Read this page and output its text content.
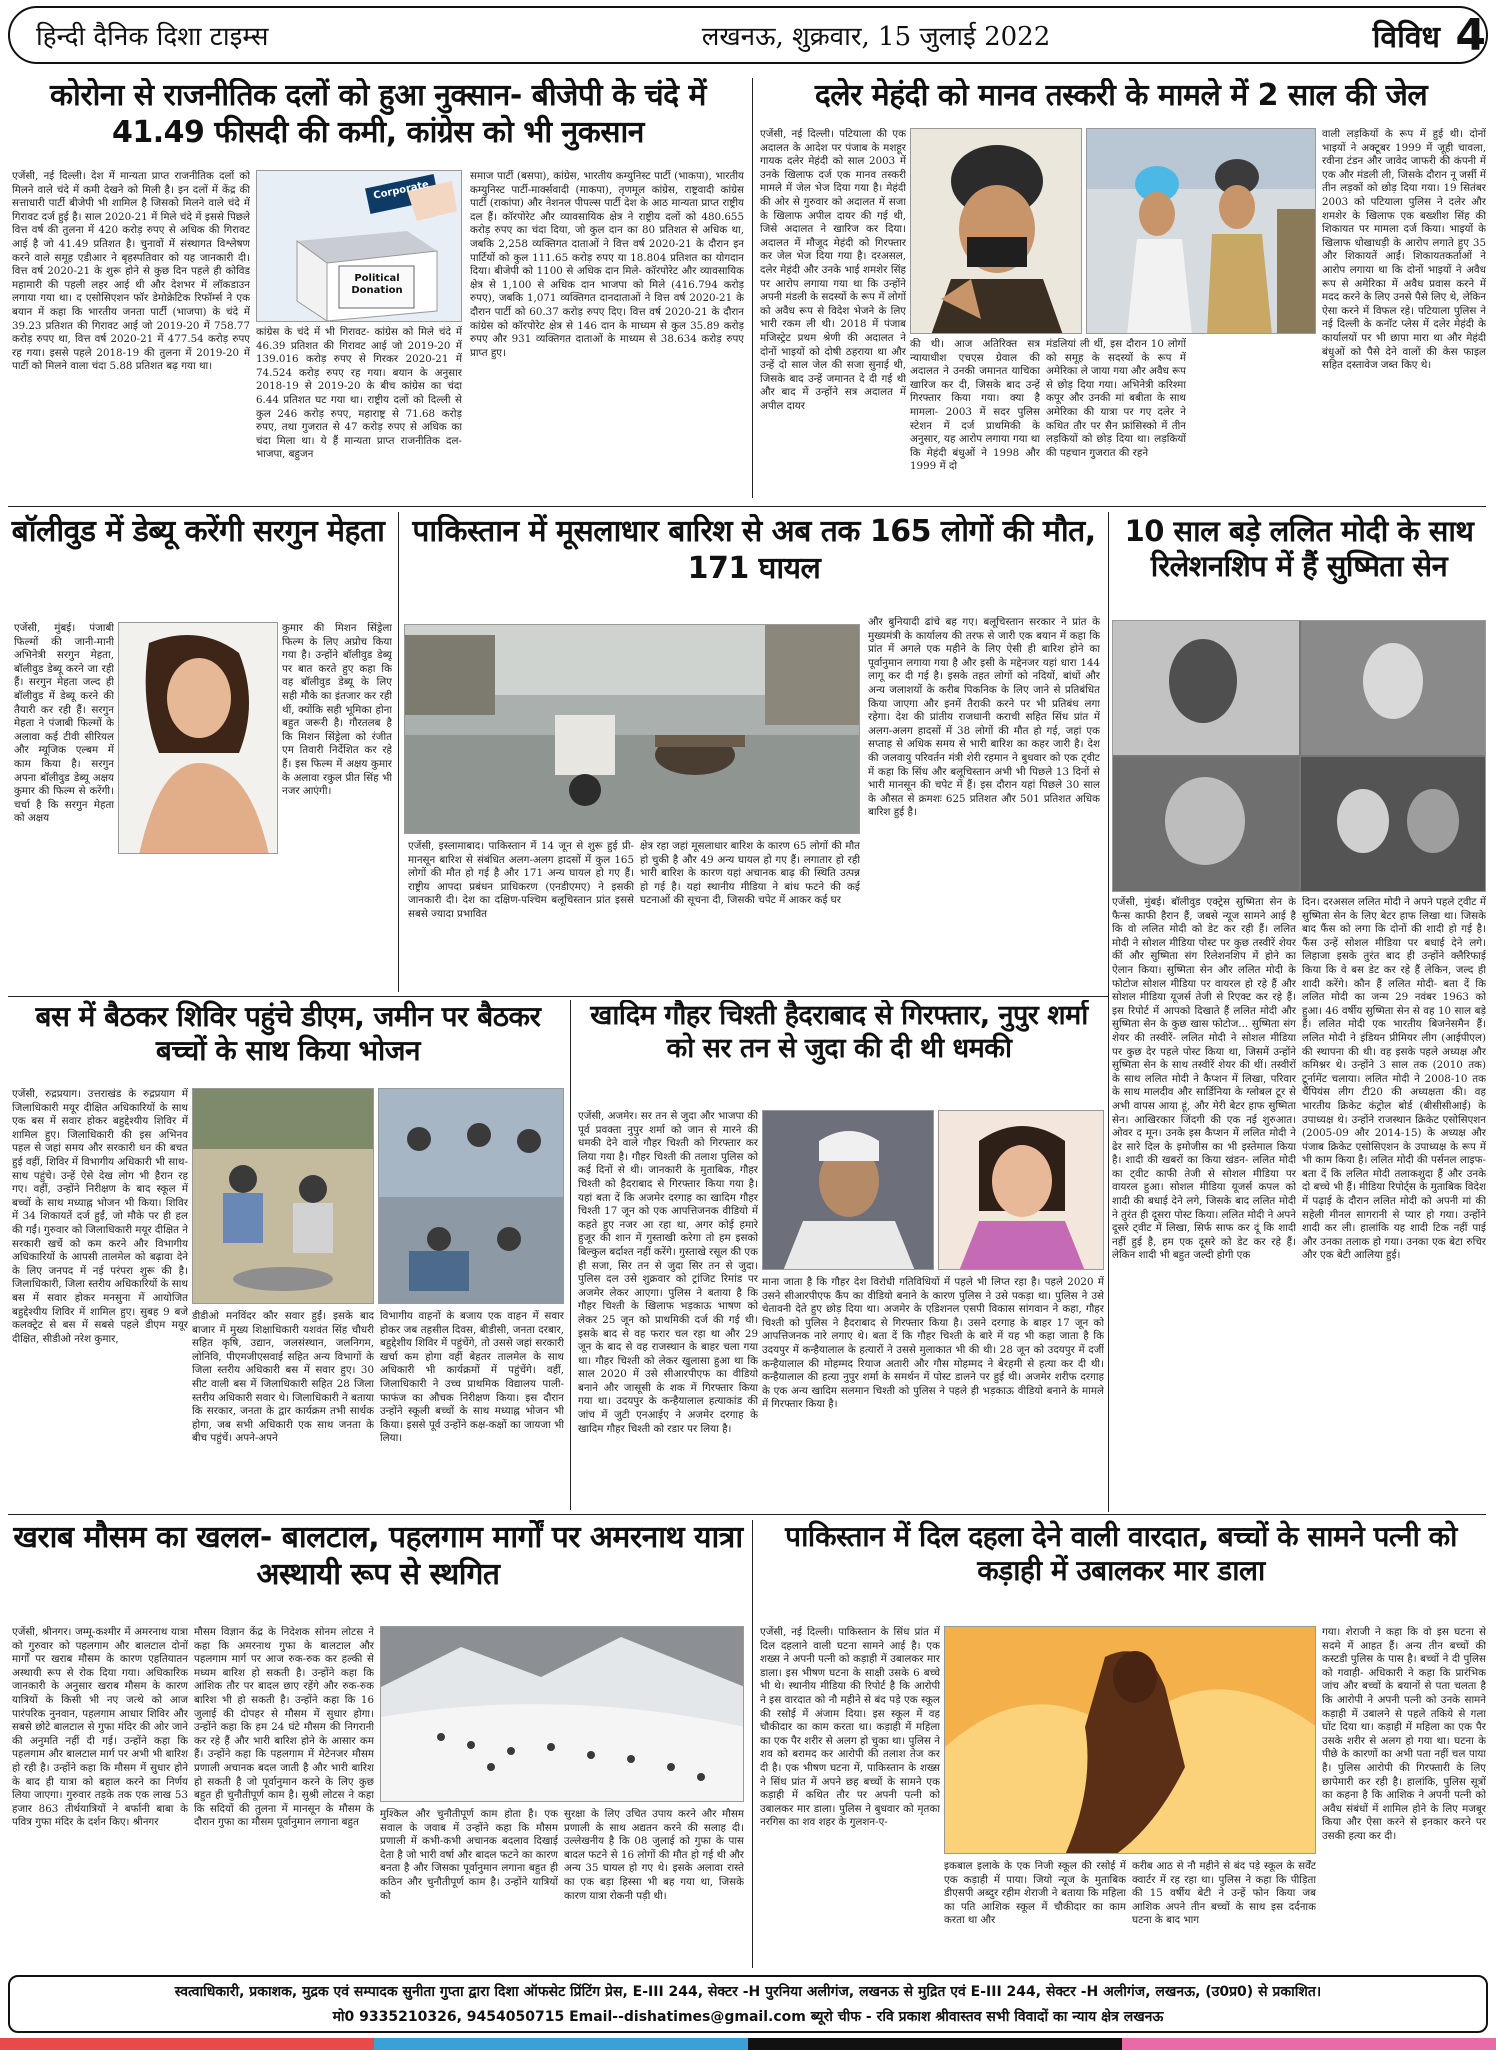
हिन्दी दैनिक दिशा टाइम्स	लखनऊ, शुक्रवार, 15 जुलाई 2022	विविध 4
कोरोना से राजनीतिक दलों को हुआ नुक्सान- बीजेपी के चंदे में 41.49 फीसदी की कमी, कांग्रेस को भी नुकसान
एजेंसी, नई दिल्ली। देश में मान्यता प्राप्त राजनीतिक दलों को मिलने वाले चंदे में कमी देखने को मिली है। इन दलों में केंद्र की सत्ताधारी पार्टी बीजेपी भी शामिल है जिसको मिलने वाले चंदे में गिरावट दर्ज हुई है। साल 2020-21 में मिले चंदे में इससे पिछले वित्त वर्ष की तुलना में 420 करोड़ रुपए से अधिक की गिरावट आई है जो 41.49 प्रतिशत है। चुनावों में संस्थागत विश्लेषण करने वाले समूह एडीआर ने बृहस्पतिवार को यह जानकारी दी। वित्त वर्ष 2020-21 के शुरू होने से कुछ दिन पहले ही कोविड महामारी की पहली लहर आई थी और देशभर में लॉकडाउन लगाया गया था। द एसोसिएशन फॉर डेमोक्रेटिक रिफॉर्म्स ने एक बयान में कहा कि भारतीय जनता पार्टी (भाजपा) के चंदे में 39.23 प्रतिशत की गिरावट आई जो 2019-20 में 758.77 करोड़ रुपए था, वित्त वर्ष 2020-21 में 477.54 करोड़ रुपए रह गया। इससे पहले 2018-19 की तुलना में 2019-20 में पार्टी को मिलने वाला चंदा 5.88 प्रतिशत बढ़ गया था।
Corporate
Political Donation
कांग्रेस के चंदे में भी गिरावट- कांग्रेस को मिले चंदे में 46.39 प्रतिशत की गिरावट आई जो 2019-20 में 139.016 करोड़ रुपए से गिरकर 2020-21 में 74.524 करोड़ रुपए रह गया। बयान के अनुसार 2018-19 से 2019-20 के बीच कांग्रेस का चंदा 6.44 प्रतिशत घट गया था। राष्ट्रीय दलों को दिल्ली से कुल 246 करोड़ रुपए, महाराष्ट्र से 71.68 करोड़ रुपए, तथा गुजरात से 47 करोड़ रुपए से अधिक का चंदा मिला था। ये हैं मान्यता प्राप्त राजनीतिक दल- भाजपा, बहुजन
समाज पार्टी (बसपा), कांग्रेस, भारतीय कम्युनिस्ट पार्टी (भाकपा), भारतीय कम्युनिस्ट पार्टी-मार्क्सवादी (माकपा), तृणमूल कांग्रेस, राष्ट्रवादी कांग्रेस पार्टी (राकांपा) और नेशनल पीपल्स पार्टी देश के आठ मान्यता प्राप्त राष्ट्रीय दल हैं। कॉरपोरेट और व्यावसायिक क्षेत्र ने राष्ट्रीय दलों को 480.655 करोड़ रुपए का चंदा दिया, जो कुल दान का 80 प्रतिशत से अधिक था, जबकि 2,258 व्यक्तिगत दाताओं ने वित्त वर्ष 2020-21 के दौरान इन पार्टियों को कुल 111.65 करोड़ रुपए या 18.804 प्रतिशत का योगदान दिया। बीजेपी को 1100 से अधिक दान मिले- कॉरपोरेट और व्यावसायिक क्षेत्र से 1,100 से अधिक दान भाजपा को मिले (416.794 करोड़ रुपए), जबकि 1,071 व्यक्तिगत दानदाताओं ने वित्त वर्ष 2020-21 के दौरान पार्टी को 60.37 करोड़ रुपए दिए। वित्त वर्ष 2020-21 के दौरान कांग्रेस को कॉरपोरेट क्षेत्र से 146 दान के माध्यम से कुल 35.89 करोड़ रुपए और 931 व्यक्तिगत दाताओं के माध्यम से 38.634 करोड़ रुपए प्राप्त हुए।
दलेर मेहंदी को मानव तस्करी के मामले में 2 साल की जेल
एजेंसी, नई दिल्ली। पटियाला की एक अदालत के आदेश पर पंजाब के मशहूर गायक दलेर मेहंदी को साल 2003 में उनके खिलाफ दर्ज एक मानव तस्करी मामले में जेल भेज दिया गया है। मेहंदी की ओर से गुरुवार को अदालत में सजा के खिलाफ अपील दायर की गई थी, जिसे अदालत ने खारिज कर दिया। अदालत में मौजूद मेहंदी को गिरफ्तार कर जेल भेज दिया गया है। दरअसल, दलेर मेहंदी और उनके भाई शमशेर सिंह पर आरोप लगाया गया था कि उन्होंने अपनी मंडली के सदस्यों के रूप में लोगों को अवैध रूप से विदेश भेजने के लिए भारी रकम ली थी। 2018 में पंजाब मजिस्ट्रेट प्रथम श्रेणी की अदालत ने दोनों भाइयों को दोषी ठहराया था और उन्हें दो साल जेल की सजा सुनाई थी, जिसके बाद उन्हें जमानत दे दी गई थी और बाद में उन्होंने सत्र अदालत में अपील दायर
की थी। आज अतिरिक्त सत्र न्यायाधीश एचएस ग्रेवाल की अदालत ने उनकी जमानत याचिका खारिज कर दी, जिसके बाद उन्हें गिरफ्तार किया गया। क्या है मामला- 2003 में सदर पुलिस स्टेशन में दर्ज प्राथमिकी के अनुसार, यह आरोप लगाया गया था कि मेहंदी बंधुओं ने 1998 और 1999 में दो
मंडलियां ली थीं, इस दौरान 10 लोगों को समूह के सदस्यों के रूप में अमेरिका ले जाया गया और अवैध रूप से छोड़ दिया गया। अभिनेत्री करिश्मा कपूर और उनकी मां बबीता के साथ अमेरिका की यात्रा पर गए दलेर ने कथित तौर पर सैन फ्रांसिस्को में तीन लड़कियों को छोड़ दिया था। लड़कियों की पहचान गुजरात की रहने
वाली लड़कियों के रूप में हुई थी। दोनों भाइयों ने अक्टूबर 1999 में जूही चावला, रवीना टंडन और जावेद जाफरी की कंपनी में एक और मंडली ली, जिसके दौरान नू जर्सी में तीन लड़कों को छोड़ दिया गया। 19 सितंबर 2003 को पटियाला पुलिस ने दलेर और शमशेर के खिलाफ एक बख्शीश सिंह की शिकायत पर मामला दर्ज किया। भाइयों के खिलाफ धोखाधड़ी के आरोप लगाते हुए 35 और शिकायतें आईं। शिकायतकर्ताओं ने आरोप लगाया था कि दोनों भाइयों ने अवैध रूप से अमेरिका में अवैध प्रवास करने में मदद करने के लिए उनसे पैसे लिए थे, लेकिन ऐसा करने में विफल रहे। पटियाला पुलिस ने नई दिल्ली के कनॉट प्लेस में दलेर मेहंदी के कार्यालयों पर भी छापा मारा था और मेहंदी बंधुओं को पैसे देने वालों की केस फाइल सहित दस्तावेज जब्त किए थे।
बॉलीवुड में डेब्यू करेंगी सरगुन मेहता
एजेंसी, मुंबई। पंजाबी फिल्मों की जानी-मानी अभिनेत्री सरगुन मेहता, बॉलीवुड डेब्यू करने जा रही हैं। सरगुन मेहता जल्द ही बॉलीवुड में डेब्यू करने की तैयारी कर रही हैं। सरगुन मेहता ने पंजाबी फिल्मों के अलावा कई टीवी सीरियल और म्यूजिक एल्बम में काम किया है। सरगुन अपना बॉलीवुड डेब्यू अक्षय कुमार की फिल्म से करेंगी। चर्चा है कि सरगुन मेहता को अक्षय
कुमार की मिशन सिंड्रेला फिल्म के लिए अप्रोच किया गया है। उन्होंने बॉलीवुड डेब्यू पर बात करते हुए कहा कि वह बॉलीवुड डेब्यू के लिए सही मौके का इंतजार कर रही थीं, क्योंकि सही भूमिका होना बहुत जरूरी है। गौरतलब है कि मिशन सिंड्रेला को रंजीत एम तिवारी निर्देशित कर रहे हैं। इस फिल्म में अक्षय कुमार के अलावा रकुल प्रीत सिंह भी नजर आएंगी।
पाकिस्तान में मूसलाधार बारिश से अब तक 165 लोगों की मौत, 171 घायल
एजेंसी, इस्लामाबाद। पाकिस्तान में 14 जून से शुरू हुई प्री-मानसून बारिश से संबंधित अलग-अलग हादसों में कुल 165 लोगों की मौत हो गई है और 171 अन्य घायल हो गए हैं। राष्ट्रीय आपदा प्रबंधन प्राधिकरण (एनडीएमए) ने इसकी जानकारी दी। देश का दक्षिण-पश्चिम बलूचिस्तान प्रांत इससे सबसे ज्यादा प्रभावित
क्षेत्र रहा जहां मूसलाधार बारिश के कारण 65 लोगों की मौत हो चुकी है और 49 अन्य घायल हो गए हैं। लगातार हो रही भारी बारिश के कारण यहां अचानक बाढ़ की स्थिति उत्पन्न हो गई है। यहां स्थानीय मीडिया ने बांध फटने की कई घटनाओं की सूचना दी, जिसकी चपेट में आकर कई घर
और बुनियादी ढांचे बह गए। बलूचिस्तान सरकार ने प्रांत के मुख्यमंत्री के कार्यालय की तरफ से जारी एक बयान में कहा कि प्रांत में अगले एक महीने के लिए ऐसी ही बारिश होने का पूर्वानुमान लगाया गया है और इसी के मद्देनजर यहां धारा 144 लागू कर दी गई है। इसके तहत लोगों को नदियों, बांधों और अन्य जलाशयों के करीब पिकनिक के लिए जाने से प्रतिबंधित किया जाएगा और इनमें तैराकी करने पर भी प्रतिबंध लगा रहेगा। देश की प्रांतीय राजधानी कराची सहित सिंध प्रांत में अलग-अलग हादसों में 38 लोगों की मौत हो गई, जहां एक सप्ताह से अधिक समय से भारी बारिश का कहर जारी है। देश की जलवायु परिवर्तन मंत्री शेरी रहमान ने बुधवार को एक ट्वीट में कहा कि सिंध और बलूचिस्तान अभी भी पिछले 13 दिनों से भारी मानसून की चपेट में हैं। इस दौरान यहां पिछले 30 साल के औसत से क्रमशः 625 प्रतिशत और 501 प्रतिशत अधिक बारिश हुई है।
10 साल बड़े ललित मोदी के साथ रिलेशनशिप में हैं सुष्मिता सेन
एजेंसी, मुंबई। बॉलीवुड एक्ट्रेस सुष्मिता सेन के फैन्स काफी हैरान हैं, जबसे न्यूज सामने आई है कि वो ललित मोदी को डेट कर रही हैं। ललित मोदी ने सोशल मीडिया पोस्ट पर कुछ तस्वीरें शेयर कीं और सुष्मिता संग रिलेशनशिप में होने का ऐलान किया। सुष्मिता सेन और ललित मोदी के फोटोज सोशल मीडिया पर वायरल हो रहे हैं और सोशल मीडिया यूजर्स तेजी से रिएक्ट कर रहे हैं। इस रिपोर्ट में आपको दिखाते हैं ललित मोदी और सुष्मिता सेन के कुछ खास फोटोज... सुष्मिता संग शेयर की तस्वीरें- ललित मोदी ने सोशल मीडिया पर कुछ देर पहले पोस्ट किया था, जिसमें उन्होंने सुष्मिता सेन के साथ तस्वीरें शेयर की थीं। तस्वीरों के साथ ललित मोदी ने कैप्शन में लिखा, परिवार के साथ मालदीव और सार्डिनिया के ग्लोबल टूर से अभी वापस आया हूं, और मेरी बेटर हाफ सुष्मिता सेन। आखिरकार जिंदगी की एक नई शुरुआत। ओवर द मून। उनके इस कैप्शन में ललित मोदी ने ढेर सारे दिल के इमोजीस का भी इस्तेमाल किया है। शादी की खबरों का किया खंडन- ललित मोदी का ट्वीट काफी तेजी से सोशल मीडिया पर वायरल हुआ। सोशल मीडिया यूजर्स कपल को शादी की बधाई देने लगे, जिसके बाद ललित मोदी ने तुरंत ही दूसरा पोस्ट किया। ललित मोदी ने अपने दूसरे ट्वीट में लिखा, सिर्फ साफ कर दूं कि शादी नहीं हुई है, हम एक दूसरे को डेट कर रहे हैं। लेकिन शादी भी बहुत जल्दी होगी एक
दिन। दरअसल ललित मोदी ने अपने पहले ट्वीट में सुष्मिता सेन के लिए बेटर हाफ लिखा था। जिसके बाद फैंस को लगा कि दोनों की शादी हो गई है। फैंस उन्हें सोशल मीडिया पर बधाई देने लगे। लिहाजा इसके तुरंत बाद ही उन्होंने क्लैरिफाई किया कि वे बस डेट कर रहे हैं लेकिन, जल्द ही शादी करेंगे। कौन हैं ललित मोदी- बता दें कि ललित मोदी का जन्म 29 नवंबर 1963 को हुआ। 46 वर्षीय सुष्मिता सेन से वह 10 साल बड़े हैं। ललित मोदी एक भारतीय बिजनेसमैन हैं। ललित मोदी ने इंडियन प्रीमियर लीग (आईपीएल) की स्थापना की थी। वह इसके पहले अध्यक्ष और कमिश्नर थे। उन्होंने 3 साल तक (2010 तक) टूर्नामेंट चलाया। ललित मोदी ने 2008-10 तक चैंपियंस लीग टी20 की अध्यक्षता की। वह भारतीय क्रिकेट कंट्रोल बोर्ड (बीसीसीआई) के उपाध्यक्ष थे। उन्होंने राजस्थान क्रिकेट एसोसिएशन (2005-09 और 2014-15) के अध्यक्ष और पंजाब क्रिकेट एसोसिएशन के उपाध्यक्ष के रूप में भी काम किया है। ललित मोदी की पर्सनल लाइफ- बता दें कि ललित मोदी तलाकशुदा हैं और उनके दो बच्चे भी हैं। मीडिया रिपोर्ट्स के मुताबिक विदेश में पढ़ाई के दौरान ललित मोदी को अपनी मां की सहेली मीनल सागरानी से प्यार हो गया। उन्होंने शादी कर ली। हालांकि यह शादी टिक नहीं पाई और उनका तलाक हो गया। उनका एक बेटा रुचिर और एक बेटी आलिया हुई।
बस में बैठकर शिविर पहुंचे डीएम, जमीन पर बैठकर बच्चों के साथ किया भोजन
एजेंसी, रुद्रप्रयाग। उत्तराखंड के रुद्रप्रयाग में जिलाधिकारी मयूर दीक्षित अधिकारियों के साथ एक बस में सवार होकर बहुद्देश्यीय शिविर में शामिल हुए। जिलाधिकारी की इस अभिनव पहल से जहां समय और सरकारी धन की बचत हुई वहीं, शिविर में विभागीय अधिकारी भी साथ-साथ पहुंचे। उन्हें ऐसे देख लोग भी हैरान रह गए। वहीं, उन्होंने निरीक्षण के बाद स्कूल में बच्चों के साथ मध्याह्न भोजन भी किया। शिविर में 34 शिकायतें दर्ज हुईं, जो मौके पर ही हल की गईं। गुरुवार को जिलाधिकारी मयूर दीक्षित ने सरकारी खर्चे को कम करने और विभागीय अधिकारियों के आपसी तालमेल को बढ़ावा देने के लिए जनपद में नई परंपरा शुरू की है। जिलाधिकारी, जिला स्तरीय अधिकारियों के साथ बस में सवार होकर मनसुना में आयोजित बहुद्देश्यीय शिविर में शामिल हुए। सुबह 9 बजे कलक्ट्रेट से बस में सबसे पहले डीएम मयूर दीक्षित, सीडीओ नरेश कुमार,
डीडीओ मनविंदर कौर सवार हुईं। इसके बाद बाजार में मुख्य शिक्षाधिकारी यशवंत सिंह चौधरी सहित कृषि, उद्यान, जलसंस्थान, जलनिगम, लोनिवि, पीएमजीएसवाई सहित अन्य विभागों के जिला स्तरीय अधिकारी बस में सवार हुए। 30 सीट वाली बस में जिलाधिकारी सहित 28 जिला स्तरीय अधिकारी सवार थे। जिलाधिकारी ने बताया कि सरकार, जनता के द्वार कार्यक्रम तभी सार्थक होगा, जब सभी अधिकारी एक साथ जनता के बीच पहुंचें। अपने-अपने
विभागीय वाहनों के बजाय एक वाहन में सवार होकर जब तहसील दिवस, बीडीसी, जनता दरबार, बहुद्देशीय शिविर में पहुंचेंगे, तो उससे जहां सरकारी खर्चा कम होगा वहीं बेहतर तालमेल के साथ अधिकारी भी कार्यक्रमों में पहुंचेंगे। वहीं, जिलाधिकारी ने उच्च प्राथमिक विद्यालय पाली-फाफंज का औचक निरीक्षण किया। इस दौरान उन्होंने स्कूली बच्चों के साथ मध्याह्न भोजन भी किया। इससे पूर्व उन्होंने कक्ष-कक्षों का जायजा भी लिया।
खादिम गौहर चिश्ती हैदराबाद से गिरफ्तार, नुपुर शर्मा को सर तन से जुदा की दी थी धमकी
एजेंसी, अजमेर। सर तन से जुदा और भाजपा की पूर्व प्रवक्ता नुपुर शर्मा को जान से मारने की धमकी देने वाले गौहर चिश्ती को गिरफ्तार कर लिया गया है। गौहर चिश्ती की तलाश पुलिस को कई दिनों से थी। जानकारी के मुताबिक, गौहर चिश्ती को हैदराबाद से गिरफ्तार किया गया है। यहां बता दें कि अजमेर दरगाह का खादिम गौहर चिश्ती 17 जून को एक आपत्तिजनक वीडियो में कहते हुए नजर आ रहा था, अगर कोई हमारे हुजूर की शान में गुस्ताखी करेगा तो हम इसको बिल्कुल बर्दाश्त नहीं करेंगे। गुस्ताखे रसूल की एक ही सजा, सिर तन से जुदा सिर तन से जुदा। पुलिस दल उसे शुक्रवार को ट्रांजिट रिमांड पर अजमेर लेकर आएगा। पुलिस ने बताया है कि गौहर चिश्ती के खिलाफ भड़काऊ भाषण को लेकर 25 जून को प्राथमिकी दर्ज की गई थी। इसके बाद से वह फरार चल रहा था और 29 जून के बाद से वह राजस्थान के बाहर चला गया था। गौहर चिश्ती को लेकर खुलासा हुआ था कि साल 2020 में उसे सीआरपीएफ का वीडियो बनाने और जासूसी के शक में गिरफ्तार किया गया था। उदयपुर के कन्हैयालाल हत्याकांड की जांच में जुटी एनआईए ने अजमेर दरगाह के खादिम गौहर चिश्ती को रडार पर लिया है।
माना जाता है कि गौहर देश विरोधी गतिविधियों में पहले भी लिप्त रहा है। पहले 2020 में उसने सीआरपीएफ कैंप का वीडियो बनाने के कारण पुलिस ने उसे पकड़ा था। पुलिस ने उसे चेतावनी देते हुए छोड़ दिया था। अजमेर के एडिशनल एसपी विकास सांगवान ने कहा, गौहर चिश्ती को पुलिस ने हैदराबाद से गिरफ्तार किया है। उसने दरगाह के बाहर 17 जून को आपत्तिजनक नारे लगाए थे। बता दें कि गौहर चिश्ती के बारे में यह भी कहा जाता है कि उदयपुर में कन्हैयालाल के हत्यारों ने उससे मुलाकात भी की थी। 28 जून को उदयपुर में दर्जी कन्हैयालाल की मोहम्मद रियाज अतारी और गौस मोहम्मद ने बेरहमी से हत्या कर दी थी। कन्हैयालाल की हत्या नुपुर शर्मा के समर्थन में पोस्ट डालने पर हुई थी। अजमेर शरीफ दरगाह के एक अन्य खादिम सलमान चिश्ती को पुलिस ने पहले ही भड़काऊ वीडियो बनाने के मामले में गिरफ्तार किया है।
खराब मौसम का खलल- बालटाल, पहलगाम मार्गों पर अमरनाथ यात्रा अस्थायी रूप से स्थगित
एजेंसी, श्रीनगर। जम्मू-कश्मीर में अमरनाथ यात्रा को गुरुवार को पहलगाम और बालटाल दोनों मार्गों पर खराब मौसम के कारण एहतियातन अस्थायी रूप से रोक दिया गया। अधिकारिक जानकारी के अनुसार खराब मौसम के कारण यात्रियों के किसी भी नए जत्थे को आज पारंपरिक नुनवान, पहलगाम आधार शिविर और सबसे छोटे बालटाल से गुफा मंदिर की ओर जाने की अनुमति नहीं दी गई। उन्होंने कहा कि पहलगाम और बालटाल मार्ग पर अभी भी बारिश हो रही है। उन्होंने कहा कि मौसम में सुधार होने के बाद ही यात्रा को बहाल करने का निर्णय लिया जाएगा। गुरुवार तड़के तक एक लाख 53 हजार 863 तीर्थयात्रियों ने बर्फानी बाबा के पवित्र गुफा मंदिर के दर्शन किए। श्रीनगर
मौसम विज्ञान केंद्र के निदेशक सोनम लोटस ने कहा कि अमरनाथ गुफा के बालटाल और पहलगाम मार्ग पर आज रुक-रुक कर हल्की से मध्यम बारिश हो सकती है। उन्होंने कहा कि आंशिक तौर पर बादल छाए रहेंगे और रुक-रुक बारिश भी हो सकती है। उन्होंने कहा कि 16 जुलाई की दोपहर से मौसम में सुधार होगा। उन्होंने कहा कि हम 24 घंटे मौसम की निगरानी कर रहे हैं और भारी बारिश होने के आसार कम हैं। उन्होंने कहा कि पहलगाम में मेटेनजर मौसम प्रणाली अचानक बदल जाती है और भारी बारिश हो सकती है जो पूर्वानुमान करने के लिए कुछ बहुत ही चुनौतीपूर्ण काम है। सुश्री लोटस ने कहा कि सदियों की तुलना में मानसून के मौसम के दौरान गुफा का मौसम पूर्वानुमान लगाना बहुत
मुश्किल और चुनौतीपूर्ण काम होता है। एक सवाल के जवाब में उन्होंने कहा कि मौसम प्रणाली में कभी-कभी अचानक बदलाव दिखाई देता है जो भारी वर्षा और बादल फटने का कारण बनता है और जिसका पूर्वानुमान लगाना बहुत ही कठिन और चुनौतीपूर्ण काम है। उन्होंने यात्रियों को
सुरक्षा के लिए उचित उपाय करने और मौसम प्रणाली के साथ अद्यतन करने की सलाह दी। उल्लेखनीय है कि 08 जुलाई को गुफा के पास बादल फटने से 16 लोगों की मौत हो गई थी और अन्य 35 घायल हो गए थे। इसके अलावा रास्ते का एक बड़ा हिस्सा भी बह गया था, जिसके कारण यात्रा रोकनी पड़ी थी।
पाकिस्तान में दिल दहला देने वाली वारदात, बच्चों के सामने पत्नी को कड़ाही में उबालकर मार डाला
एजेंसी, नई दिल्ली। पाकिस्तान के सिंध प्रांत में दिल दहलाने वाली घटना सामने आई है। एक शख्स ने अपनी पत्नी को कड़ाही में उबालकर मार डाला। इस भीषण घटना के साक्षी उसके 6 बच्चे भी थे। स्थानीय मीडिया की रिपोर्ट है कि आरोपी ने इस वारदात को नौ महीने से बंद पड़े एक स्कूल की रसोई में अंजाम दिया। इस स्कूल में वह चौकीदार का काम करता था। कड़ाही में महिला का एक पैर शरीर से अलग हो चुका था। पुलिस ने शव को बरामद कर आरोपी की तलाश तेज कर दी है। एक भीषण घटना में, पाकिस्तान के शख्स ने सिंध प्रांत में अपने छह बच्चों के सामने एक कड़ाही में कथित तौर पर अपनी पत्नी को उबालकर मार डाला। पुलिस ने बुधवार को मृतका नरगिस का शव शहर के गुलशन-ए-
इकबाल इलाके के एक निजी स्कूल की रसोई में एक कड़ाही में पाया। जियो न्यूज के मुताबिक डीएसपी अब्दुर रहीम शेराजी ने बताया कि महिला का पति आशिक स्कूल में चौकीदार का काम करता था और
करीब आठ से नौ महीने से बंद पड़े स्कूल के सर्वेंट क्वार्टर में रह रहा था। पुलिस ने कहा कि पीड़िता की 15 वर्षीय बेटी ने उन्हें फोन किया जब आशिक अपने तीन बच्चों के साथ इस दर्दनाक घटना के बाद भाग
गया। शेराजी ने कहा कि वो इस घटना से सदमे में आहत हैं। अन्य तीन बच्चों की कस्टडी पुलिस के पास है। बच्चों ने दी पुलिस को गवाही- अधिकारी ने कहा कि प्रारंभिक जांच और बच्चों के बयानों से पता चलता है कि आरोपी ने अपनी पत्नी को उनके सामने कड़ाही में उबालने से पहले तकिये से गला घोंट दिया था। कड़ाही में महिला का एक पैर उसके शरीर से अलग हो गया था। घटना के पीछे के कारणों का अभी पता नहीं चल पाया है। पुलिस आरोपी की गिरफ्तारी के लिए छापेमारी कर रही है। हालांकि, पुलिस सूत्रों का कहना है कि आशिक ने अपनी पत्नी को अवैध संबंधों में शामिल होने के लिए मजबूर किया और ऐसा करने से इनकार करने पर उसकी हत्या कर दी।
स्वत्वाधिकारी, प्रकाशक, मुद्रक एवं सम्पादक सुनीता गुप्ता द्वारा दिशा ऑफसेट प्रिंटिंग प्रेस, E-III 244, सेक्टर -H पुरनिया अलीगंज, लखनऊ से मुद्रित एवं E-III 244, सेक्टर -H अलीगंज, लखनऊ, (उ0प्र0) से प्रकाशित।
मो0 9335210326, 9454050715 Email--dishatimes@gmail.com ब्यूरो चीफ - रवि प्रकाश श्रीवास्तव सभी विवादों का न्याय क्षेत्र लखनऊ
